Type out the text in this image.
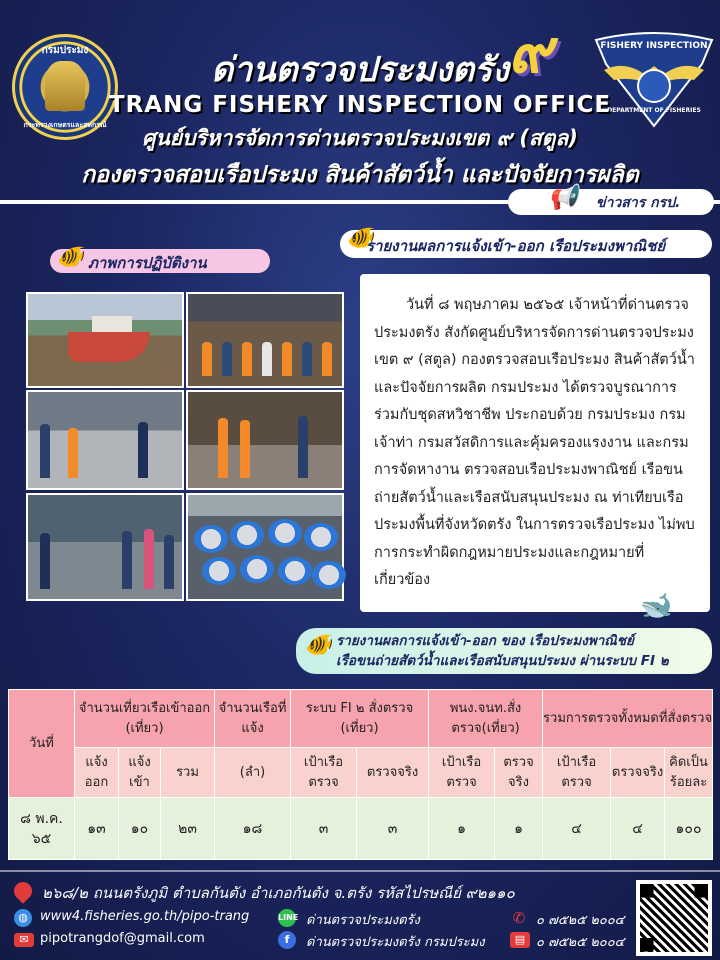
กรมประมง
กระทรวงเกษตรและสหกรณ์
FISHERY INSPECTION
DEPARTMENT OF FISHERIES
๙
ด่านตรวจประมงตรัง
TRANG FISHERY INSPECTION OFFICE
ศูนย์บริหารจัดการด่านตรวจประมงเขต ๙ (สตูล)
กองตรวจสอบเรือประมง สินค้าสัตว์น้ำ และปัจจัยการผลิต
📢 ข่าวสาร กรป.
🐠 ภาพการปฏิบัติงาน
🐠
รายงานผลการแจ้งเข้า-ออก เรือประมงพาณิชย์

วันที่ ๘ พฤษภาคม ๒๕๖๕ เจ้าหน้าที่ด่านตรวจประมงตรัง สังกัดศูนย์บริหารจัดการด่านตรวจประมง เขต ๙ (สตูล) กองตรวจสอบเรือประมง สินค้าสัตว์น้ำ และปัจจัยการผลิต กรมประมง ได้ตรวจบูรณาการร่วมกับชุดสหวิชาชีพ ประกอบด้วย กรมประมง กรมเจ้าท่า กรมสวัสดิการและคุ้มครองแรงงาน และกรมการจัดหางาน ตรวจสอบเรือประมงพาณิชย์ เรือขนถ่ายสัตว์น้ำและเรือสนับสนุนประมง ณ ท่าเทียบเรือประมงพื้นที่จังหวัดตรัง ในการตรวจเรือประมง ไม่พบการกระทำผิดกฎหมายประมงและกฎหมายที่เกี่ยวข้อง

🐋
🐠 รายงานผลการแจ้งเข้า-ออก ของ เรือประมงพาณิชย์
เรือขนถ่ายสัตว์น้ำและเรือสนับสนุนประมง ผ่านระบบ FI ๒
วันที่	จำนวนเที่ยวเรือเข้าออก (เที่ยว)			จำนวนเรือที่แจ้ง	ระบบ FI ๒ สั่งตรวจ (เที่ยว)		พนง.จนท.สั่งตรวจ(เที่ยว)		รวมการตรวจทั้งหมดที่สั่งตรวจ		
	แจ้งออก	แจ้งเข้า	รวม	(ลำ)	เป้าเรือตรวจ	ตรวจจริง	เป้าเรือตรวจ	ตรวจจริง	เป้าเรือตรวจ	ตรวจจริง	คิดเป็นร้อยละ
๘ พ.ค. ๖๕	๑๓	๑๐	๒๓	๑๘	๓	๓	๑	๑	๔	๔	๑๐๐
๒๖๘/๒ ถนนตรังภูมิ ตำบลกันตัง อำเภอกันตัง จ.ตรัง รหัสไปรษณีย์ ๙๒๑๑๐
◍ www4.fisheries.go.th/pipo-trang	LINE ด่านตรวจประมงตรัง	✆ ๐ ๗๕๒๕ ๒๐๐๔
✉ pipotrangdof@gmail.com	f	ด่านตรวจประมงตรัง กรมประมง	▤ ๐ ๗๕๒๕ ๒๐๐๔
